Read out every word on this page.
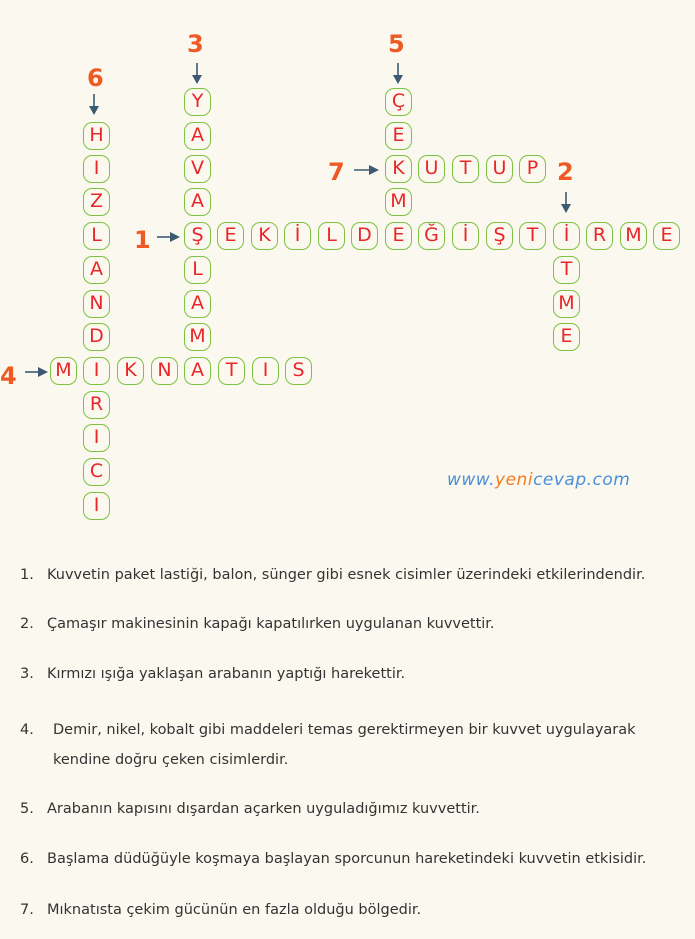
6
3	5
7	2
1
4
H
I
Z
L
A
N
D
I
R
I
C
I
Y
A
V
A
Ş
L
A
M
A
Ç
E
K
M
E
U	T	U	P
E	K	İ	L	D	Ğ	İ	Ş	T	İ	R	M E
T
M
E
M	K	N	T	I	S
www.yenicevap.com
1. Kuvvetin paket lastiği, balon, sünger gibi esnek cisimler üzerindeki etkilerindendir.
2. Çamaşır makinesinin kapağı kapatılırken uygulanan kuvvettir.
3. Kırmızı ışığa yaklaşan arabanın yaptığı harekettir.
4. Demir, nikel, kobalt gibi maddeleri temas gerektirmeyen bir kuvvet uygulayarak kendine doğru çeken cisimlerdir.
5. Arabanın kapısını dışardan açarken uyguladığımız kuvvettir.
6. Başlama düdüğüyle koşmaya başlayan sporcunun hareketindeki kuvvetin etkisidir.
7. Mıknatısta çekim gücünün en fazla olduğu bölgedir.
